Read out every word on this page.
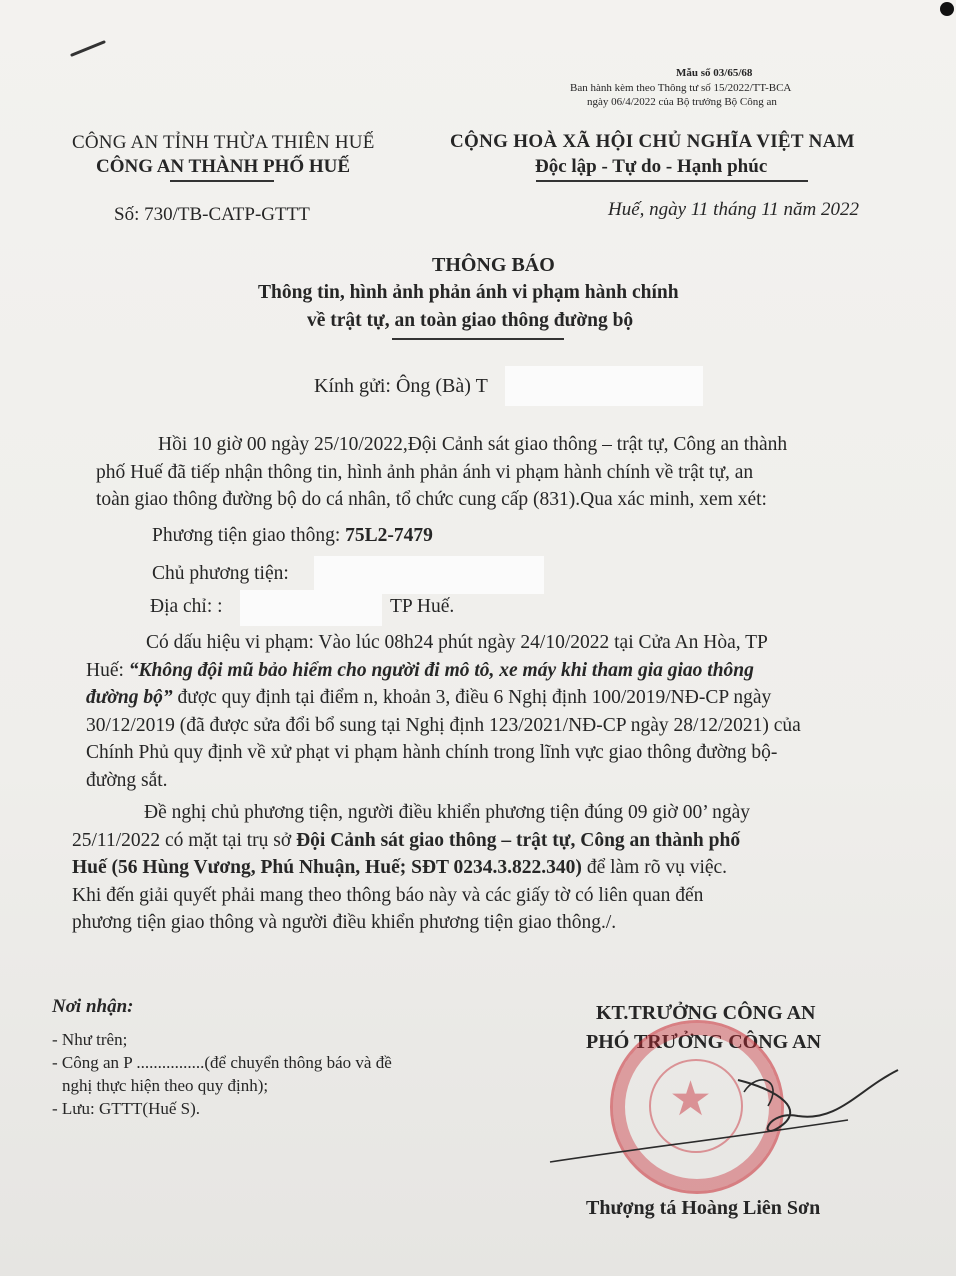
Mẫu số 03/65/68
Ban hành kèm theo Thông tư số 15/2022/TT-BCA
ngày 06/4/2022 của Bộ trưởng Bộ Công an
CÔNG AN TỈNH THỪA THIÊN HUẾ
CÔNG AN THÀNH PHỐ HUẾ
Số: 730/TB-CATP-GTTT
CỘNG HOÀ XÃ HỘI CHỦ NGHĨA VIỆT NAM
Độc lập - Tự do - Hạnh phúc
Huế, ngày 11 tháng 11 năm 2022
THÔNG BÁO
Thông tin, hình ảnh phản ánh vi phạm hành chính
về trật tự, an toàn giao thông đường bộ
Kính gửi: Ông (Bà) T
Hồi 10 giờ 00 ngày 25/10/2022,Đội Cảnh sát giao thông – trật tự, Công an thành
phố Huế đã tiếp nhận thông tin, hình ảnh phản ánh vi phạm hành chính về trật tự, an
toàn giao thông đường bộ do cá nhân, tổ chức cung cấp (831).Qua xác minh, xem xét:
Phương tiện giao thông: 75L2-7479
Chủ phương tiện:
Địa chỉ: :	TP Huế.
Có dấu hiệu vi phạm: Vào lúc 08h24 phút ngày 24/10/2022 tại Cửa An Hòa, TP
Huế: “Không đội mũ bảo hiểm cho người đi mô tô, xe máy khi tham gia giao thông
đường bộ” được quy định tại điểm n, khoản 3, điều 6 Nghị định 100/2019/NĐ-CP ngày
30/12/2019 (đã được sửa đổi bổ sung tại Nghị định 123/2021/NĐ-CP ngày 28/12/2021) của
Chính Phủ quy định về xử phạt vi phạm hành chính trong lĩnh vực giao thông đường bộ-
đường sắt.
Đề nghị chủ phương tiện, người điều khiển phương tiện đúng 09 giờ 00’ ngày
25/11/2022 có mặt tại trụ sở Đội Cảnh sát giao thông – trật tự, Công an thành phố
Huế (56 Hùng Vương, Phú Nhuận, Huế; SĐT 0234.3.822.340) để làm rõ vụ việc.
Khi đến giải quyết phải mang theo thông báo này và các giấy tờ có liên quan đến
phương tiện giao thông và người điều khiển phương tiện giao thông./.
Nơi nhận:
- Như trên;
- Công an P ................(để chuyển thông báo và đề
nghị thực hiện theo quy định);
- Lưu: GTTT(Huế S).
KT.TRƯỞNG CÔNG AN
PHÓ TRƯỞNG CÔNG AN
★
Thượng tá Hoàng Liên Sơn
